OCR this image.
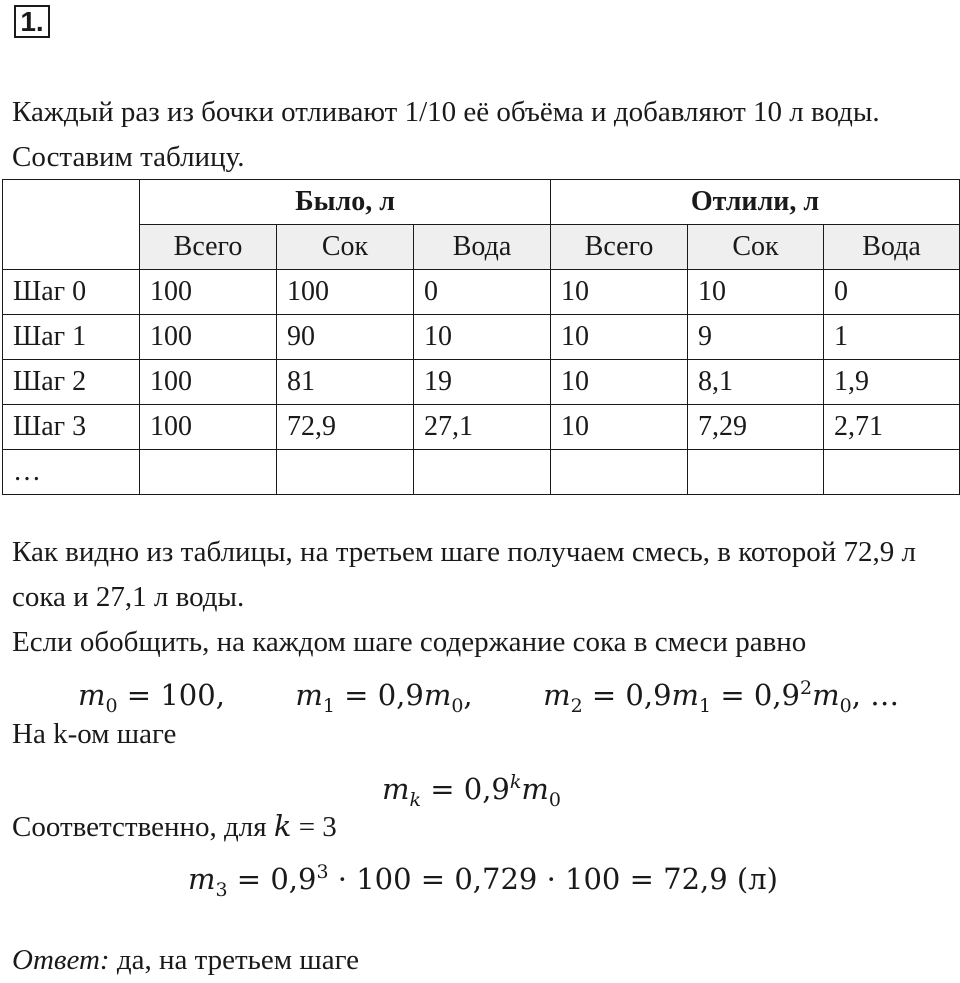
1.

Каждый раз из бочки отливают 1/10 её объёма и добавляют 10 л воды. Составим таблицу.

	Было, л			Отлили, л		
	Всего	Сок	Вода	Всего	Сок	Вода
Шаг 0	100	100	0	10	10	0
Шаг 1	100	90	10	10	9	1
Шаг 2	100	81	19	10	8,1	1,9
Шаг 3	100	72,9	27,1	10	7,29	2,71
…						

Как видно из таблицы, на третьем шаге получаем смесь, в которой 72,9 л сока и 27,1 л воды.

Если обобщить, на каждом шаге содержание сока в смеси равно

$m_0 = 100$, $m_1 = 0,9m_0$, $m_2 = 0,9m_1 = 0,9^2m_0$, …

На k-ом шаге

$m_k = 0,9^km_0$
Соответственно, для k = 3
$m_3 = 0,9^3 \cdot 100 = 0,729 \cdot 100 = 72,9$ (л)
Ответ: да, на третьем шаге
